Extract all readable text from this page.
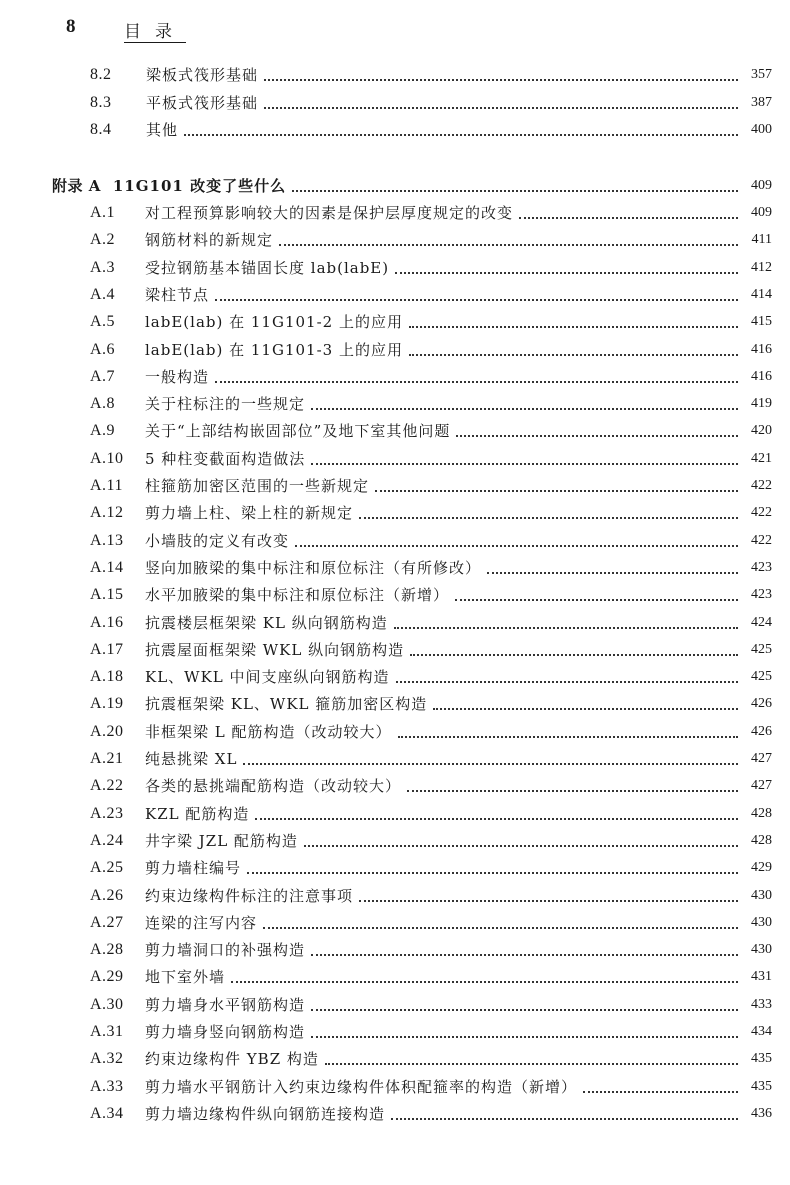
8	目录
8.2	梁板式筏形基础	357
8.3	平板式筏形基础	387
8.4	其他	400
附录 A 11G101 改变了些什么	409
A.1	对工程预算影响较大的因素是保护层厚度规定的改变	409
A.2	钢筋材料的新规定	411
A.3	受拉钢筋基本锚固长度 lab(labE)	412
A.4	梁柱节点	414
A.5	labE(lab) 在 11G101-2 上的应用	415
A.6	labE(lab) 在 11G101-3 上的应用	416
A.7	一般构造	416
A.8	关于柱标注的一些规定	419
A.9	关于“上部结构嵌固部位”及地下室其他问题	420
A.10	5 种柱变截面构造做法	421
A.11	柱箍筋加密区范围的一些新规定	422
A.12	剪力墙上柱、梁上柱的新规定	422
A.13	小墙肢的定义有改变	422
A.14	竖向加腋梁的集中标注和原位标注（有所修改）	423
A.15	水平加腋梁的集中标注和原位标注（新增）	423
A.16	抗震楼层框架梁 KL 纵向钢筋构造	424
A.17	抗震屋面框架梁 WKL 纵向钢筋构造	425
A.18	KL、WKL 中间支座纵向钢筋构造	425
A.19	抗震框架梁 KL、WKL 箍筋加密区构造	426
A.20	非框架梁 L 配筋构造（改动较大）	426
A.21	纯悬挑梁 XL	427
A.22	各类的悬挑端配筋构造（改动较大）	427
A.23	KZL 配筋构造	428
A.24	井字梁 JZL 配筋构造	428
A.25	剪力墙柱编号	429
A.26	约束边缘构件标注的注意事项	430
A.27	连梁的注写内容	430
A.28	剪力墙洞口的补强构造	430
A.29	地下室外墙	431
A.30	剪力墙身水平钢筋构造	433
A.31	剪力墙身竖向钢筋构造	434
A.32	约束边缘构件 YBZ 构造	435
A.33	剪力墙水平钢筋计入约束边缘构件体积配箍率的构造（新增）	435
A.34	剪力墙边缘构件纵向钢筋连接构造	436
